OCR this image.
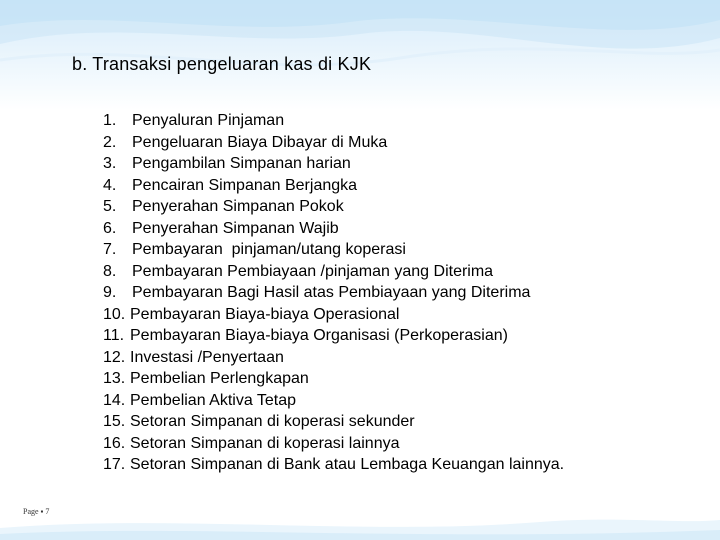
b. Transaksi pengeluaran kas di KJK
1. Penyaluran Pinjaman
2. Pengeluaran Biaya Dibayar di Muka
3. Pengambilan Simpanan harian
4. Pencairan Simpanan Berjangka
5. Penyerahan Simpanan Pokok
6. Penyerahan Simpanan Wajib
7. Pembayaran  pinjaman/utang koperasi
8. Pembayaran Pembiayaan /pinjaman yang Diterima
9. Pembayaran Bagi Hasil atas Pembiayaan yang Diterima
10. Pembayaran Biaya-biaya Operasional
11. Pembayaran Biaya-biaya Organisasi (Perkoperasian)
12. Investasi /Penyertaan
13. Pembelian Perlengkapan
14. Pembelian Aktiva Tetap
15. Setoran Simpanan di koperasi sekunder
16. Setoran Simpanan di koperasi lainnya
17. Setoran Simpanan di Bank atau Lembaga Keuangan lainnya.
Page ▪ 7
